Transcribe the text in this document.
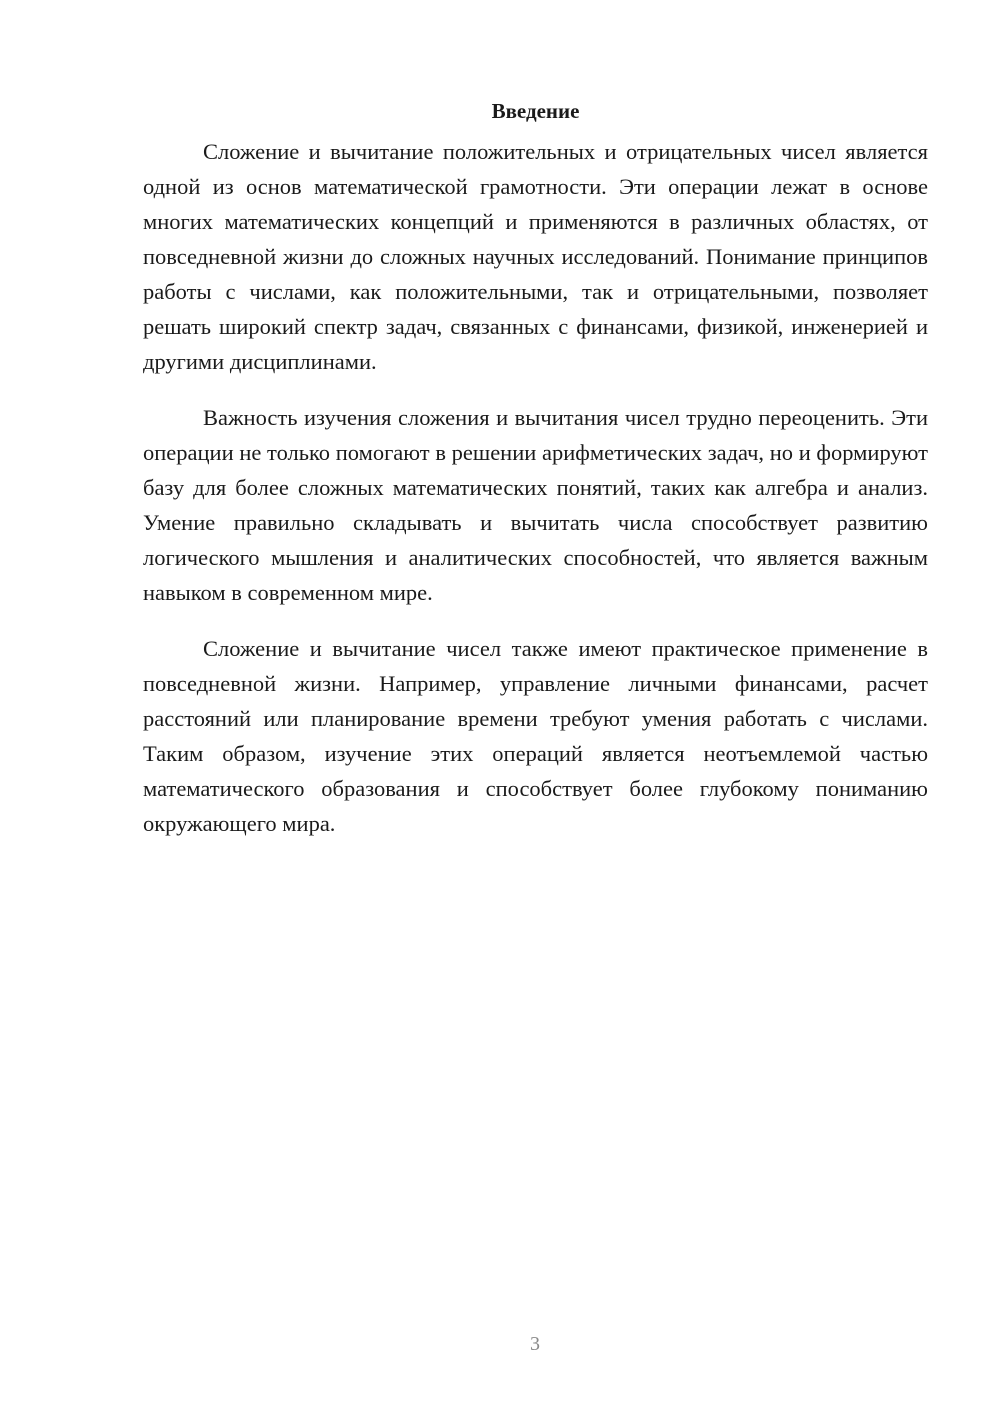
Введение

Сложение и вычитание положительных и отрицательных чисел является одной из основ математической грамотности. Эти операции лежат в основе многих математических концепций и применяются в различных областях, от повседневной жизни до сложных научных исследований. Понимание принципов работы с числами, как положительными, так и отрицательными, позволяет решать широкий спектр задач, связанных с финансами, физикой, инженерией и другими дисциплинами.

Важность изучения сложения и вычитания чисел трудно переоценить. Эти операции не только помогают в решении арифметических задач, но и формируют базу для более сложных математических понятий, таких как алгебра и анализ. Умение правильно складывать и вычитать числа способствует развитию логического мышления и аналитических способностей, что является важным навыком в современном мире.

Сложение и вычитание чисел также имеют практическое применение в повседневной жизни. Например, управление личными финансами, расчет расстояний или планирование времени требуют умения работать с числами. Таким образом, изучение этих операций является неотъемлемой частью математического образования и способствует более глубокому пониманию окружающего мира.

3
